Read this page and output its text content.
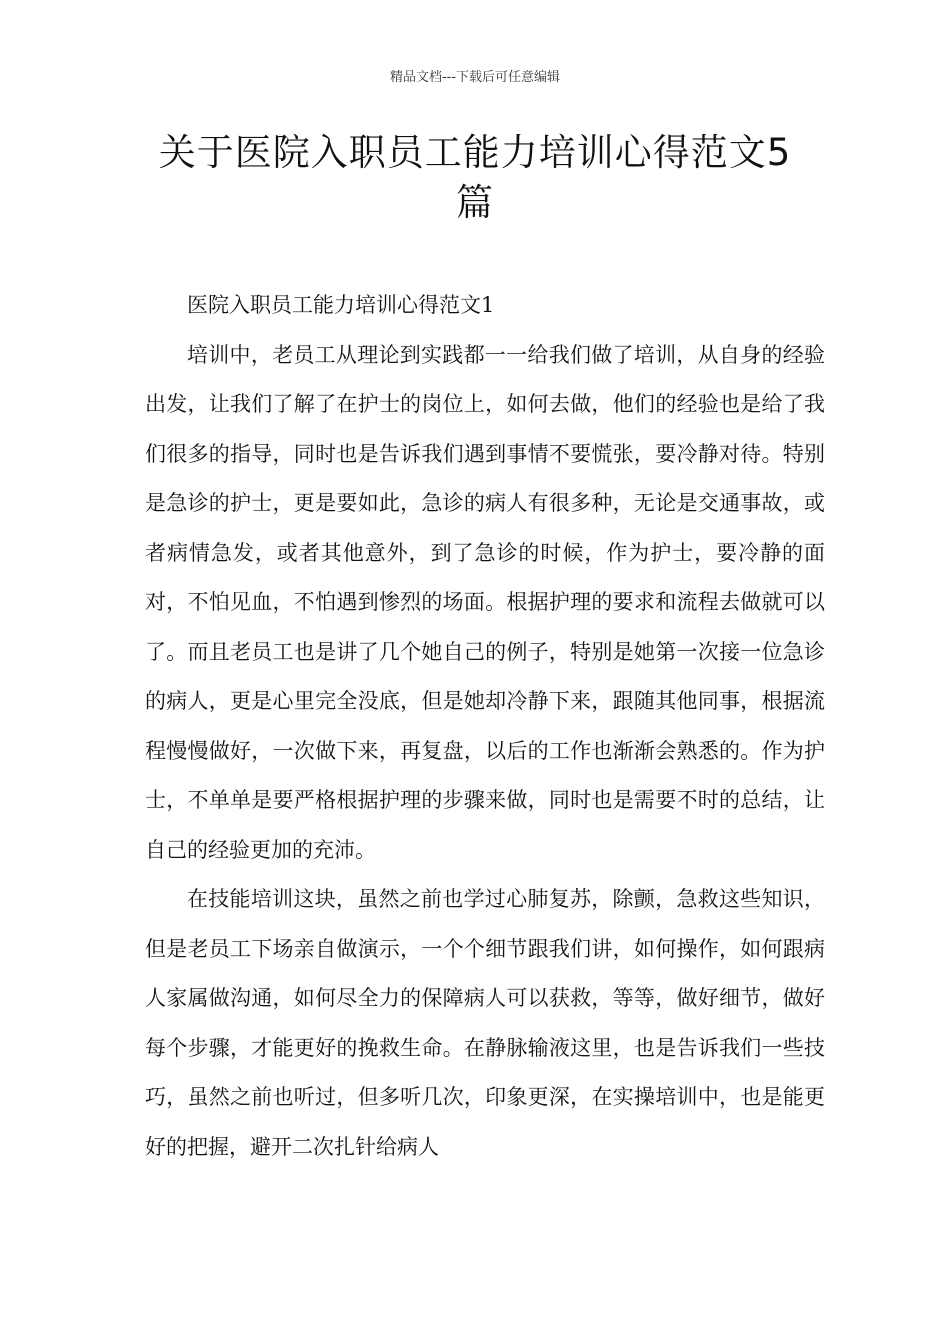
精品文档---下载后可任意编辑
关于医院入职员工能力培训心得范文5篇

医院入职员工能力培训心得范文1

培训中，老员工从理论到实践都一一给我们做了培训，从自身的经验出发，让我们了解了在护士的岗位上，如何去做，他们的经验也是给了我们很多的指导，同时也是告诉我们遇到事情不要慌张，要冷静对待。特别是急诊的护士，更是要如此，急诊的病人有很多种，无论是交通事故，或者病情急发，或者其他意外，到了急诊的时候，作为护士，要冷静的面对，不怕见血，不怕遇到惨烈的场面。根据护理的要求和流程去做就可以了。而且老员工也是讲了几个她自己的例子，特别是她第一次接一位急诊的病人，更是心里完全没底，但是她却冷静下来，跟随其他同事，根据流程慢慢做好，一次做下来，再复盘，以后的工作也渐渐会熟悉的。作为护士，不单单是要严格根据护理的步骤来做，同时也是需要不时的总结，让自己的经验更加的充沛。

在技能培训这块，虽然之前也学过心肺复苏，除颤，急救这些知识，但是老员工下场亲自做演示，一个个细节跟我们讲，如何操作，如何跟病人家属做沟通，如何尽全力的保障病人可以获救，等等，做好细节，做好每个步骤，才能更好的挽救生命。在静脉输液这里，也是告诉我们一些技巧，虽然之前也听过，但多听几次，印象更深，在实操培训中，也是能更好的把握，避开二次扎针给病人
